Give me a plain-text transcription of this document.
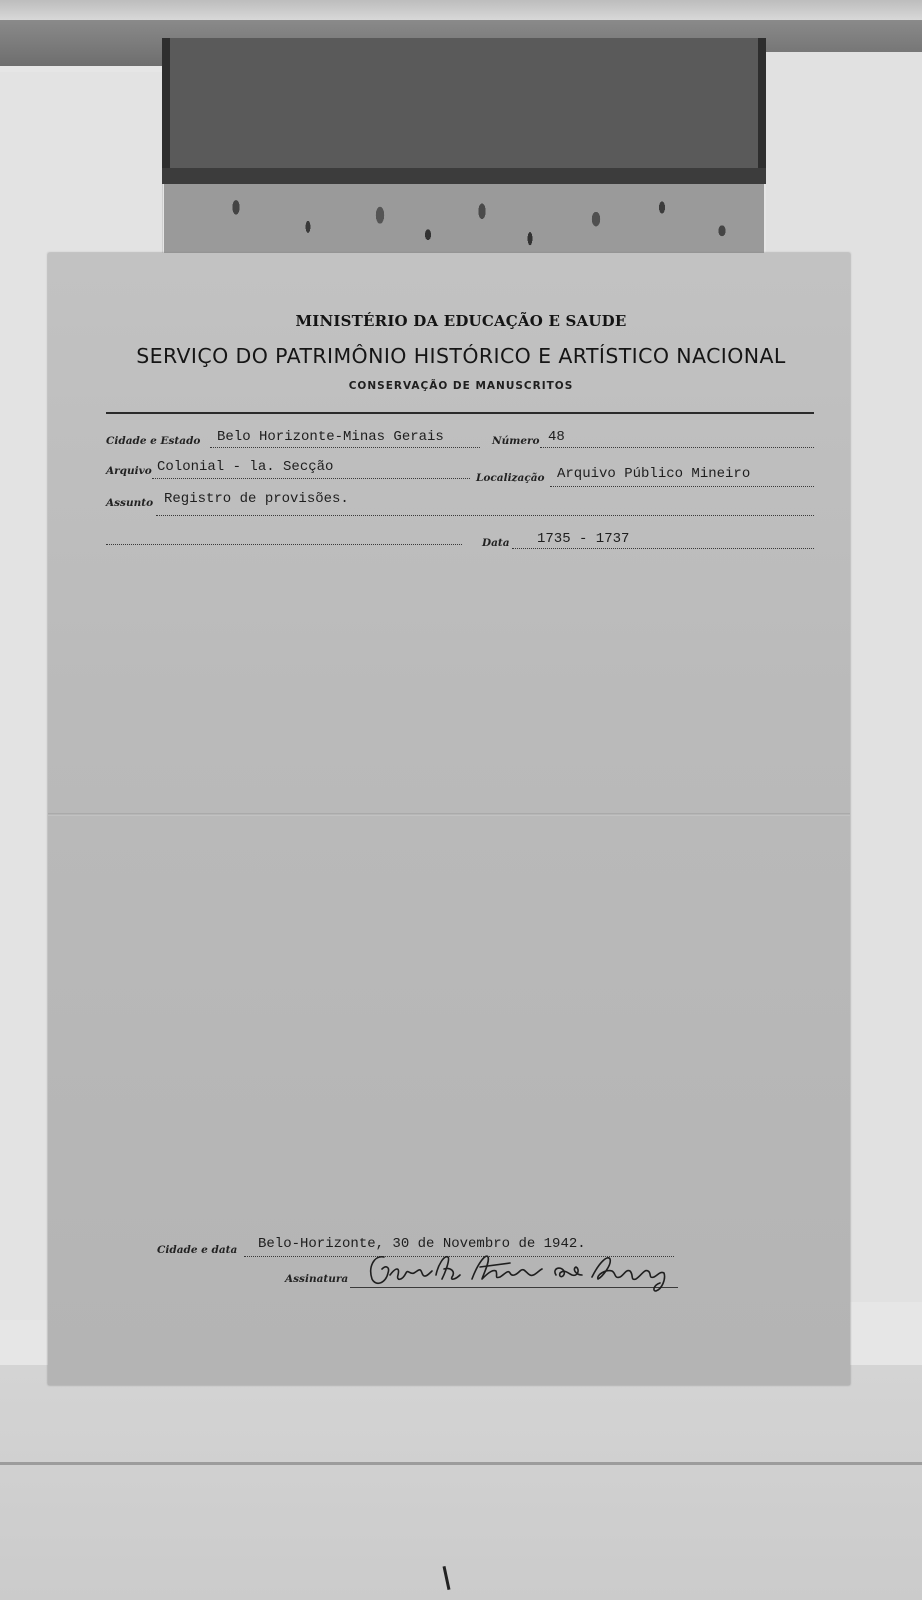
MINISTÉRIO DA EDUCAÇÃO E SAUDE
SERVIÇO DO PATRIMÔNIO HISTÓRICO E ARTÍSTICO NACIONAL
CONSERVAÇÃO DE MANUSCRITOS
Cidade e Estado Belo Horizonte-Minas Gerais	Número 48
Arquivo Colonial - la. Secção
Localização Arquivo Público Mineiro
Assunto Registro de provisões.
Data 1735 - 1737
Cidade e data Belo-Horizonte, 30 de Novembro de 1942.
Assinatura
